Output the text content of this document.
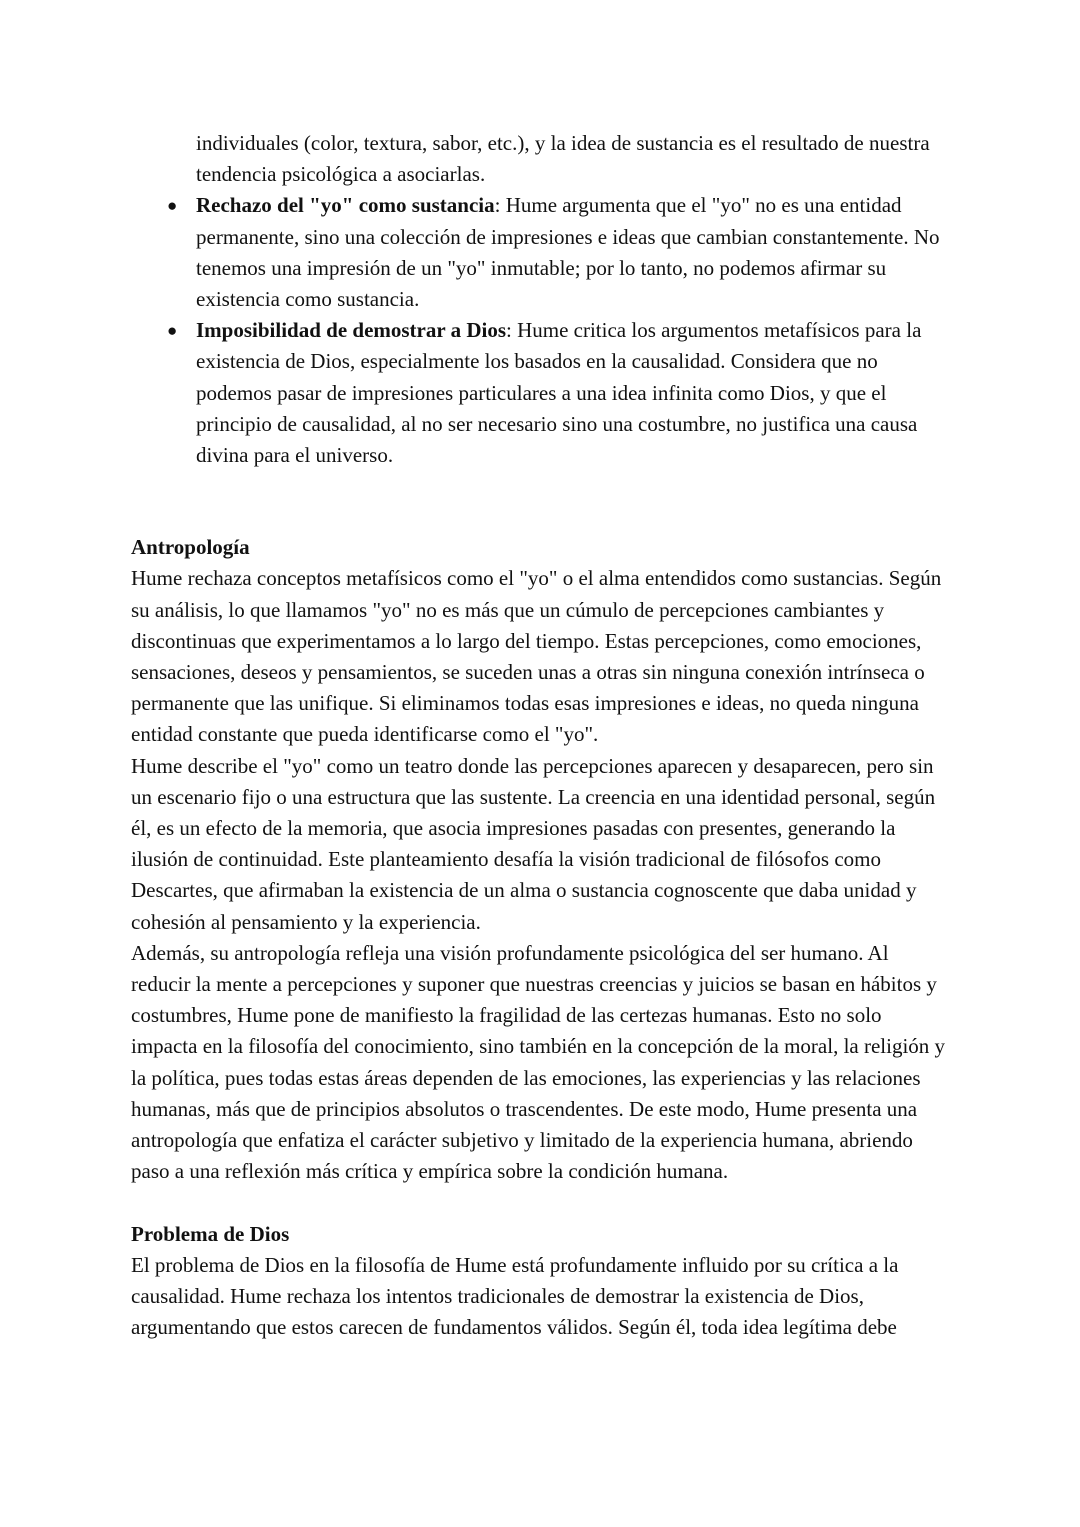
individuales (color, textura, sabor, etc.), y la idea de sustancia es el resultado de nuestra tendencia psicológica a asociarlas.

● Rechazo del "yo" como sustancia: Hume argumenta que el "yo" no es una entidad permanente, sino una colección de impresiones e ideas que cambian constantemente. No tenemos una impresión de un "yo" inmutable; por lo tanto, no podemos afirmar su existencia como sustancia.
● Imposibilidad de demostrar a Dios: Hume critica los argumentos metafísicos para la existencia de Dios, especialmente los basados en la causalidad. Considera que no podemos pasar de impresiones particulares a una idea infinita como Dios, y que el principio de causalidad, al no ser necesario sino una costumbre, no justifica una causa divina para el universo.

Antropología

Hume rechaza conceptos metafísicos como el "yo" o el alma entendidos como sustancias. Según su análisis, lo que llamamos "yo" no es más que un cúmulo de percepciones cambiantes y discontinuas que experimentamos a lo largo del tiempo. Estas percepciones, como emociones, sensaciones, deseos y pensamientos, se suceden unas a otras sin ninguna conexión intrínseca o permanente que las unifique. Si eliminamos todas esas impresiones e ideas, no queda ninguna entidad constante que pueda identificarse como el "yo".

Hume describe el "yo" como un teatro donde las percepciones aparecen y desaparecen, pero sin un escenario fijo o una estructura que las sustente. La creencia en una identidad personal, según él, es un efecto de la memoria, que asocia impresiones pasadas con presentes, generando la ilusión de continuidad. Este planteamiento desafía la visión tradicional de filósofos como Descartes, que afirmaban la existencia de un alma o sustancia cognoscente que daba unidad y cohesión al pensamiento y la experiencia.

Además, su antropología refleja una visión profundamente psicológica del ser humano. Al reducir la mente a percepciones y suponer que nuestras creencias y juicios se basan en hábitos y costumbres, Hume pone de manifiesto la fragilidad de las certezas humanas. Esto no solo impacta en la filosofía del conocimiento, sino también en la concepción de la moral, la religión y la política, pues todas estas áreas dependen de las emociones, las experiencias y las relaciones humanas, más que de principios absolutos o trascendentes. De este modo, Hume presenta una antropología que enfatiza el carácter subjetivo y limitado de la experiencia humana, abriendo paso a una reflexión más crítica y empírica sobre la condición humana.

Problema de Dios

El problema de Dios en la filosofía de Hume está profundamente influido por su crítica a la causalidad. Hume rechaza los intentos tradicionales de demostrar la existencia de Dios, argumentando que estos carecen de fundamentos válidos. Según él, toda idea legítima debe
